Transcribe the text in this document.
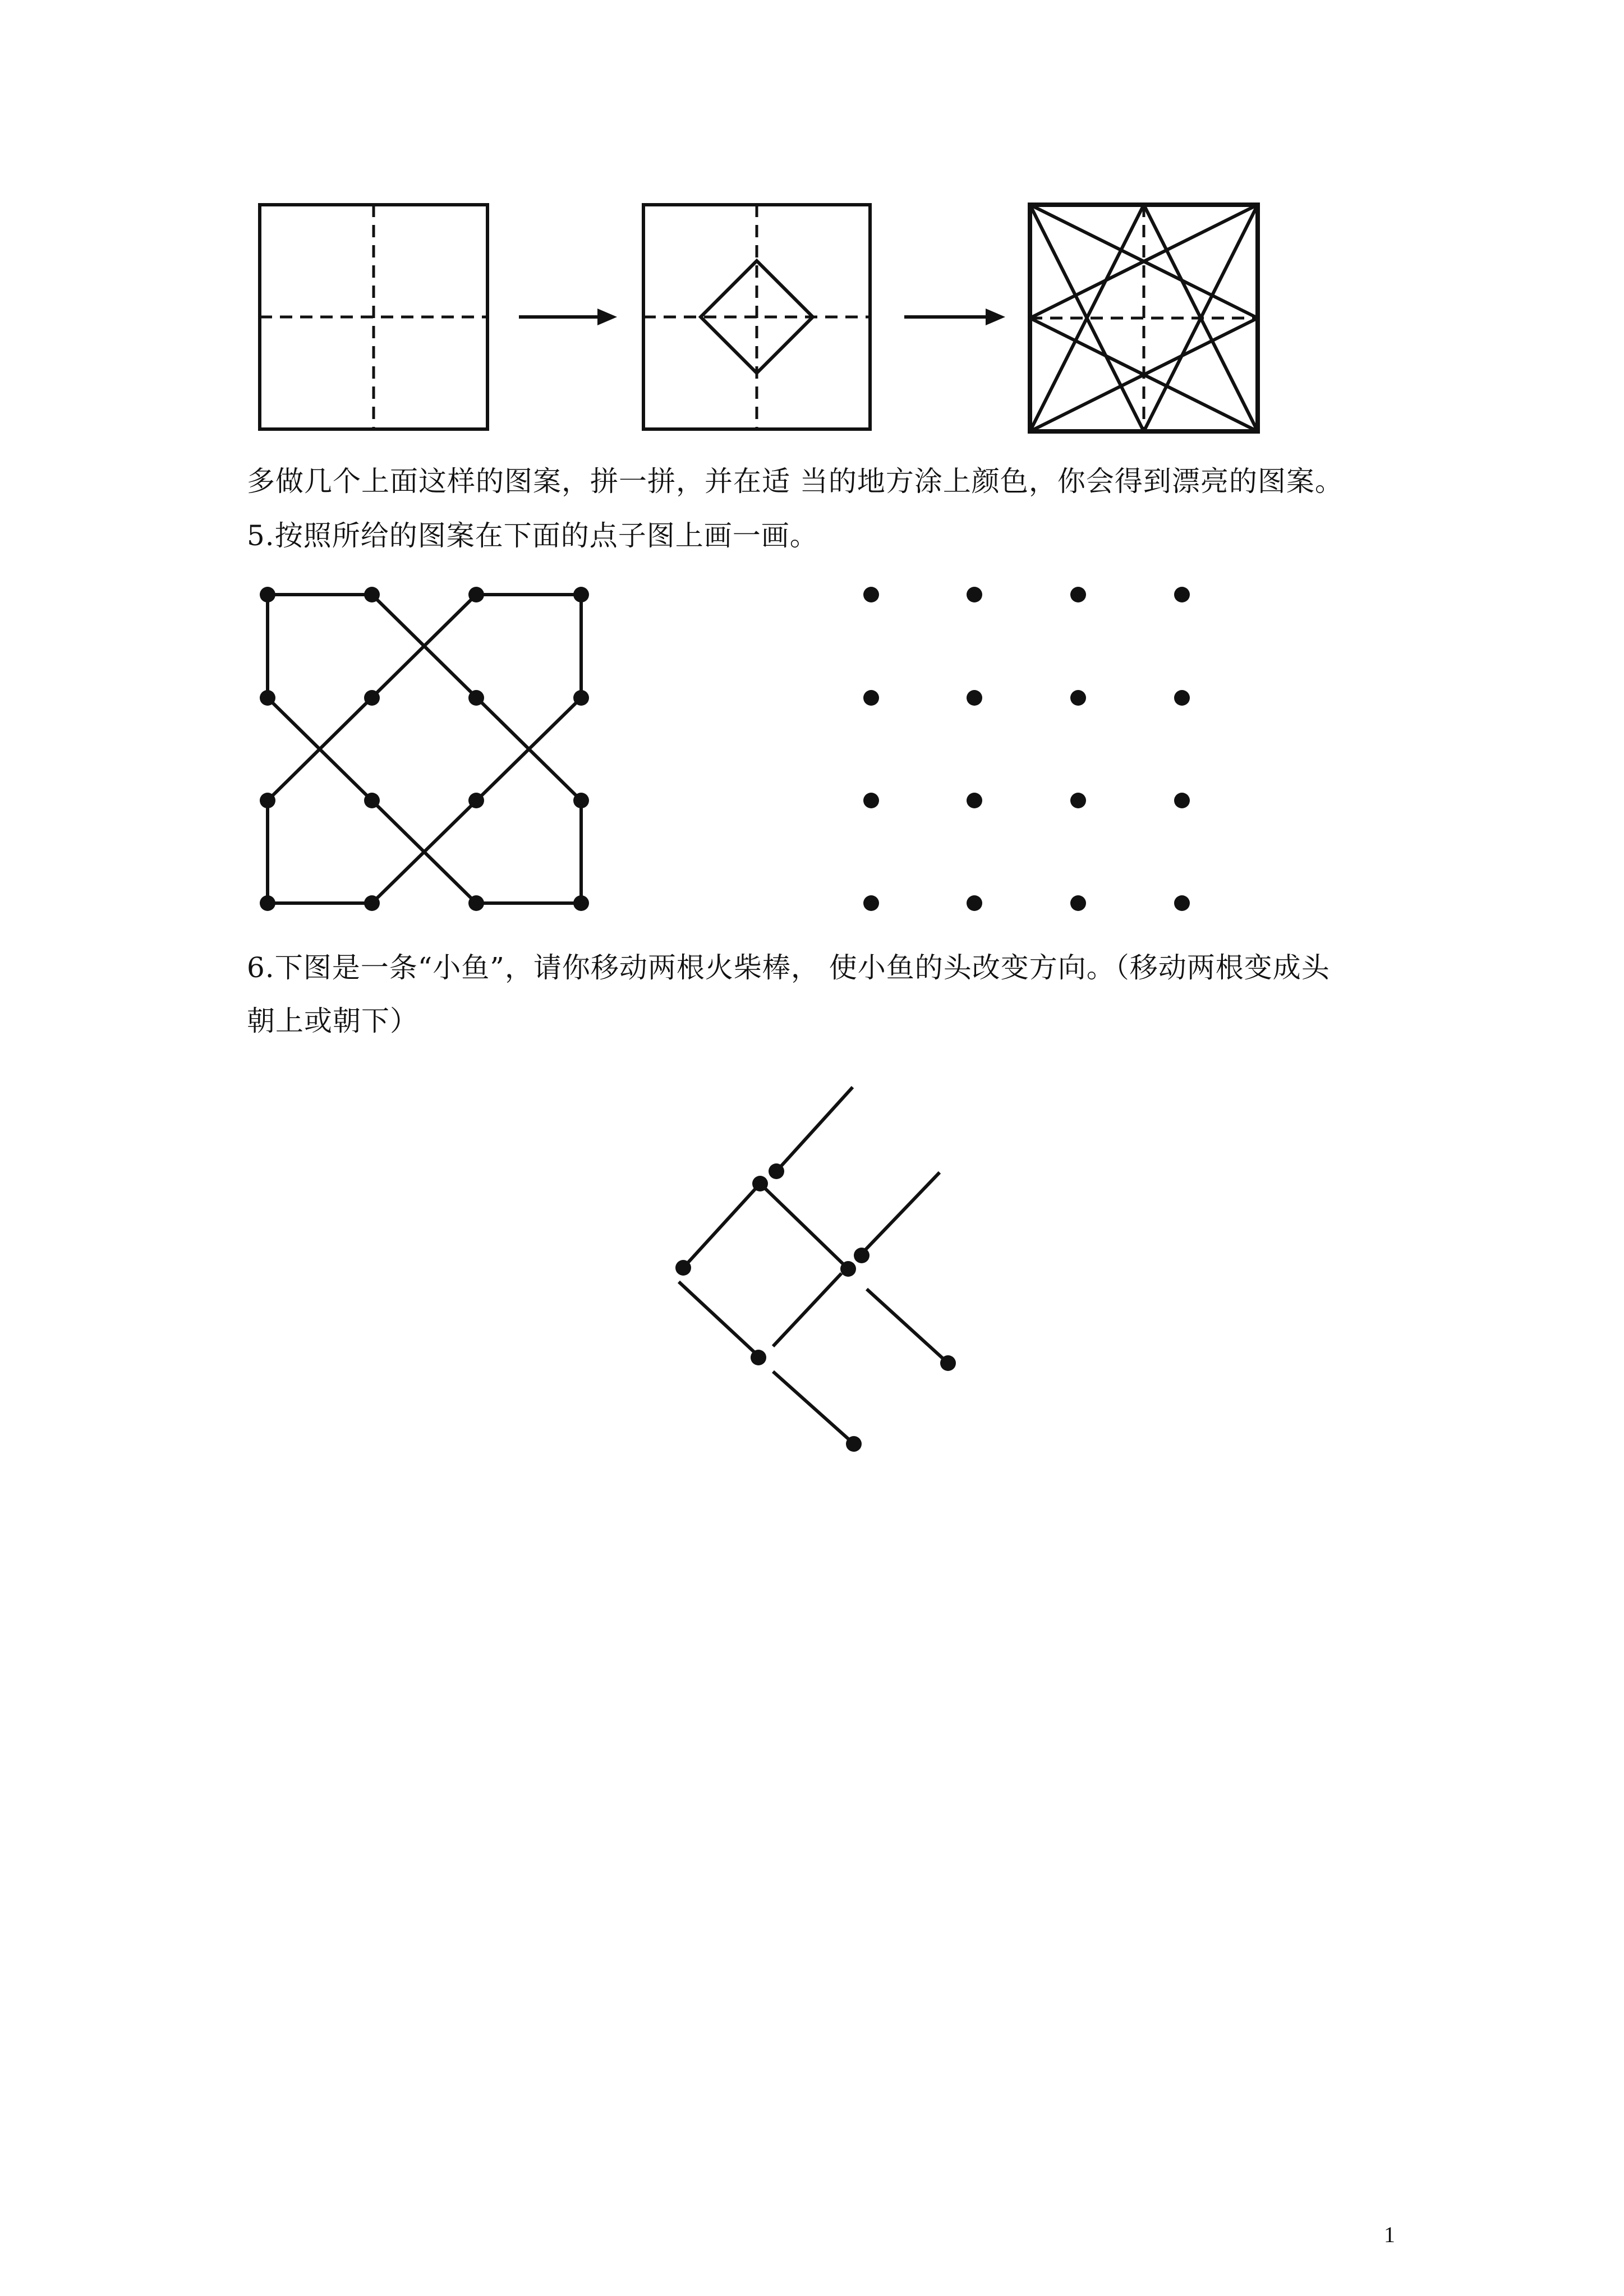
多做几个上面这样的图案，拼一拼，并在适 当的地方涂上颜色，你会得到漂亮的图案。
5.按照所给的图案在下面的点子图上画一画。
6.下图是一条“小鱼”，请你移动两根火柴棒， 使小鱼的头改变方向。（移动两根变成头
朝上或朝下）
1
